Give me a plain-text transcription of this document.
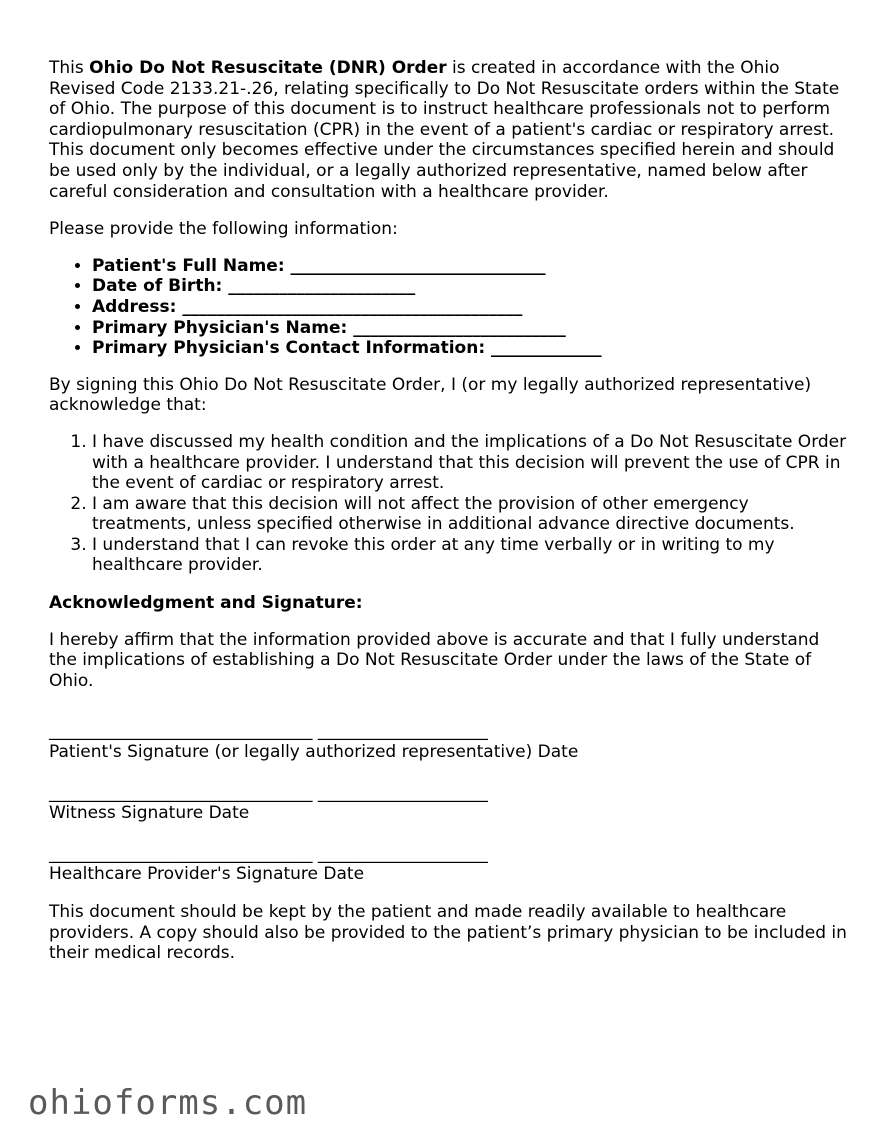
This Ohio Do Not Resuscitate (DNR) Order is created in accordance with the Ohio Revised Code 2133.21-.26, relating specifically to Do Not Resuscitate orders within the State of Ohio. The purpose of this document is to instruct healthcare professionals not to perform cardiopulmonary resuscitation (CPR) in the event of a patient's cardiac or respiratory arrest. This document only becomes effective under the circumstances specified herein and should be used only by the individual, or a legally authorized representative, named below after careful consideration and consultation with a healthcare provider.

Please provide the following information:

• Patient's Full Name: ______________________________
• Date of Birth: ______________________
• Address: ________________________________________
• Primary Physician's Name: _________________________
• Primary Physician's Contact Information: _____________

By signing this Ohio Do Not Resuscitate Order, I (or my legally authorized representative) acknowledge that:

1. I have discussed my health condition and the implications of a Do Not Resuscitate Order with a healthcare provider. I understand that this decision will prevent the use of CPR in the event of cardiac or respiratory arrest.
2. I am aware that this decision will not affect the provision of other emergency treatments, unless specified otherwise in additional advance directive documents.
3. I understand that I can revoke this order at any time verbally or in writing to my healthcare provider.
Acknowledgment and Signature:

I hereby affirm that the information provided above is accurate and that I fully understand the implications of establishing a Do Not Resuscitate Order under the laws of the State of Ohio.

_______________________________ ____________________
Patient's Signature (or legally authorized representative) Date
_______________________________ ____________________
Witness Signature Date
_______________________________ ____________________
Healthcare Provider's Signature Date

This document should be kept by the patient and made readily available to healthcare providers. A copy should also be provided to the patient’s primary physician to be included in their medical records.

ohioforms.com
